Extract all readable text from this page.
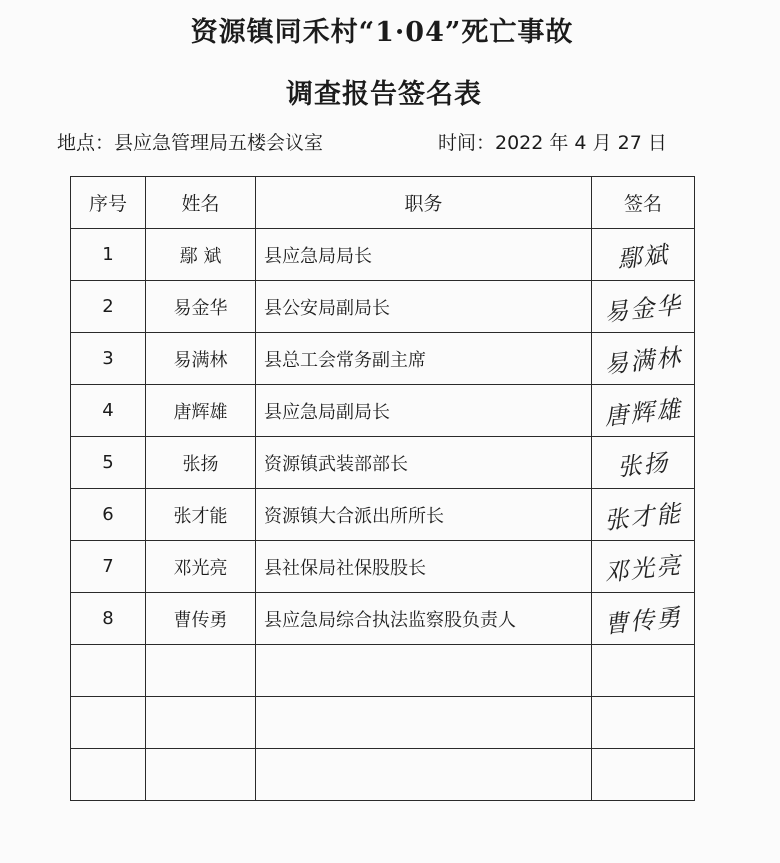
资源镇同禾村“1·04”死亡事故
调查报告签名表
地点：县应急管理局五楼会议室	时间：2022 年 4 月 27 日
序号	姓名	职务	签名
1	鄢 斌	县应急局局长	鄢斌
2	易金华	县公安局副局长	易金华
3	易满林	县总工会常务副主席	易满林
4	唐辉雄	县应急局副局长	唐辉雄
5	张扬	资源镇武装部部长	张扬
6	张才能	资源镇大合派出所所长	张才能
7	邓光亮	县社保局社保股股长	邓光亮
8	曹传勇	县应急局综合执法监察股负责人	曹传勇
